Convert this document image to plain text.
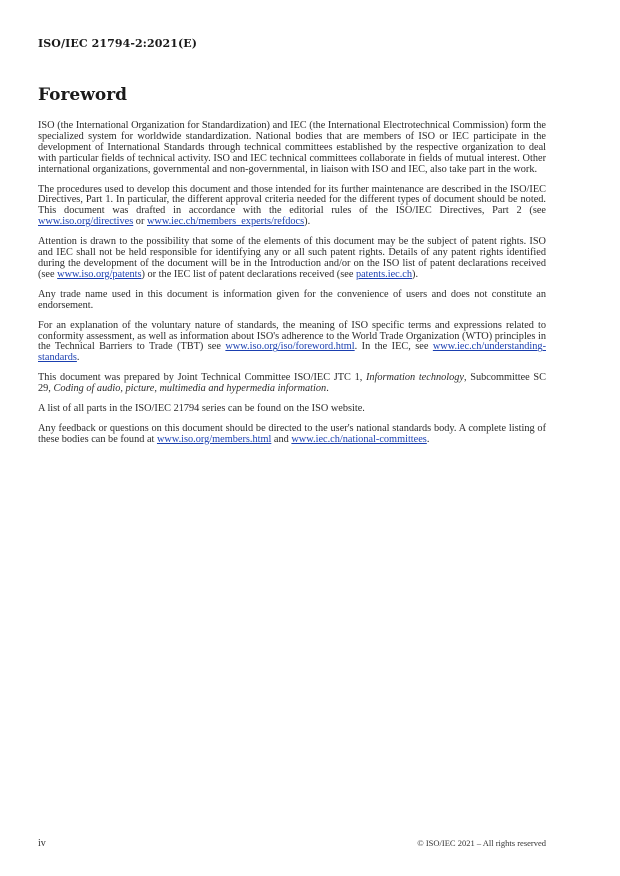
ISO/IEC 21794-2:2021(E)
Foreword

ISO (the International Organization for Standardization) and IEC (the International Electrotechnical Commission) form the specialized system for worldwide standardization. National bodies that are members of ISO or IEC participate in the development of International Standards through technical committees established by the respective organization to deal with particular fields of technical activity. ISO and IEC technical committees collaborate in fields of mutual interest. Other international organizations, governmental and non-governmental, in liaison with ISO and IEC, also take part in the work.

The procedures used to develop this document and those intended for its further maintenance are described in the ISO/IEC Directives, Part 1. In particular, the different approval criteria needed for the different types of document should be noted. This document was drafted in accordance with the editorial rules of the ISO/IEC Directives, Part 2 (see www.iso.org/directives or www.iec.ch/members_experts/refdocs).

Attention is drawn to the possibility that some of the elements of this document may be the subject of patent rights. ISO and IEC shall not be held responsible for identifying any or all such patent rights. Details of any patent rights identified during the development of the document will be in the Introduction and/or on the ISO list of patent declarations received (see www.iso.org/patents) or the IEC list of patent declarations received (see patents.iec.ch).

Any trade name used in this document is information given for the convenience of users and does not constitute an endorsement.

For an explanation of the voluntary nature of standards, the meaning of ISO specific terms and expressions related to conformity assessment, as well as information about ISO's adherence to the World Trade Organization (WTO) principles in the Technical Barriers to Trade (TBT) see www.iso.org/iso/foreword.html. In the IEC, see www.iec.ch/understanding-standards.

This document was prepared by Joint Technical Committee ISO/IEC JTC 1, Information technology, Subcommittee SC 29, Coding of audio, picture, multimedia and hypermedia information.

A list of all parts in the ISO/IEC 21794 series can be found on the ISO website.

Any feedback or questions on this document should be directed to the user's national standards body. A complete listing of these bodies can be found at www.iso.org/members.html and www.iec.ch/national-committees.

iv	© ISO/IEC 2021 – All rights reserved
